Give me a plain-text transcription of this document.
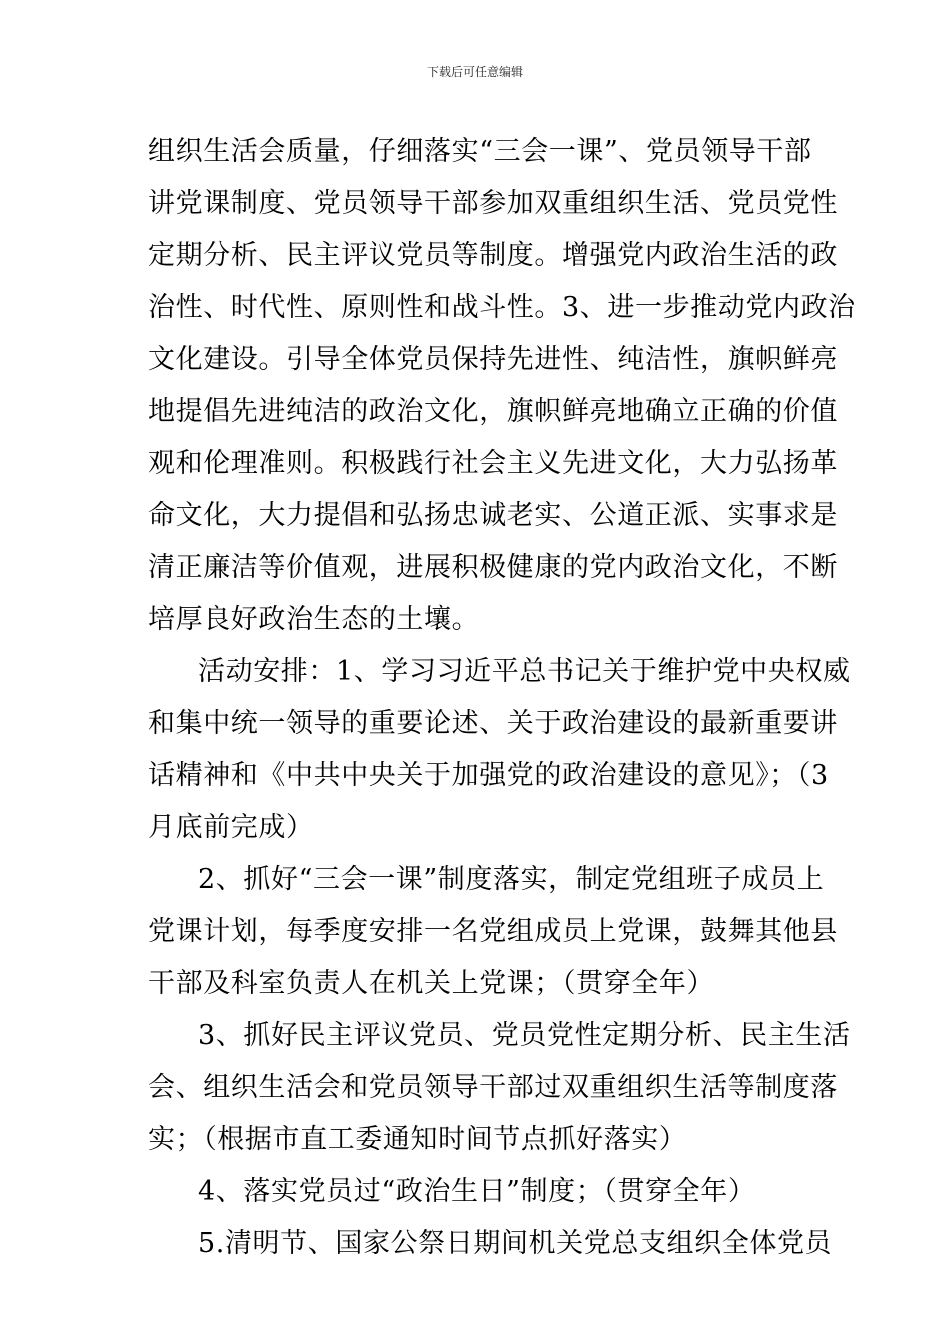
下载后可任意编辑
组织生活会质量，仔细落实“三会一课”、党员领导干部
讲党课制度、党员领导干部参加双重组织生活、党员党性
定期分析、民主评议党员等制度。增强党内政治生活的政
治性、时代性、原则性和战斗性。3、进一步推动党内政治
文化建设。引导全体党员保持先进性、纯洁性，旗帜鲜亮
地提倡先进纯洁的政治文化，旗帜鲜亮地确立正确的价值
观和伦理准则。积极践行社会主义先进文化，大力弘扬革
命文化，大力提倡和弘扬忠诚老实、公道正派、实事求是
清正廉洁等价值观，进展积极健康的党内政治文化，不断
培厚良好政治生态的土壤。
活动安排：1、学习习近平总书记关于维护党中央权威
和集中统一领导的重要论述、关于政治建设的最新重要讲
话精神和《中共中央关于加强党的政治建设的意见》；（3
月底前完成）
2、抓好“三会一课”制度落实，制定党组班子成员上
党课计划，每季度安排一名党组成员上党课，鼓舞其他县
干部及科室负责人在机关上党课；（贯穿全年）
3、抓好民主评议党员、党员党性定期分析、民主生活
会、组织生活会和党员领导干部过双重组织生活等制度落
实；（根据市直工委通知时间节点抓好落实）
4、落实党员过“政治生日”制度；（贯穿全年）
5.清明节、国家公祭日期间机关党总支组织全体党员
